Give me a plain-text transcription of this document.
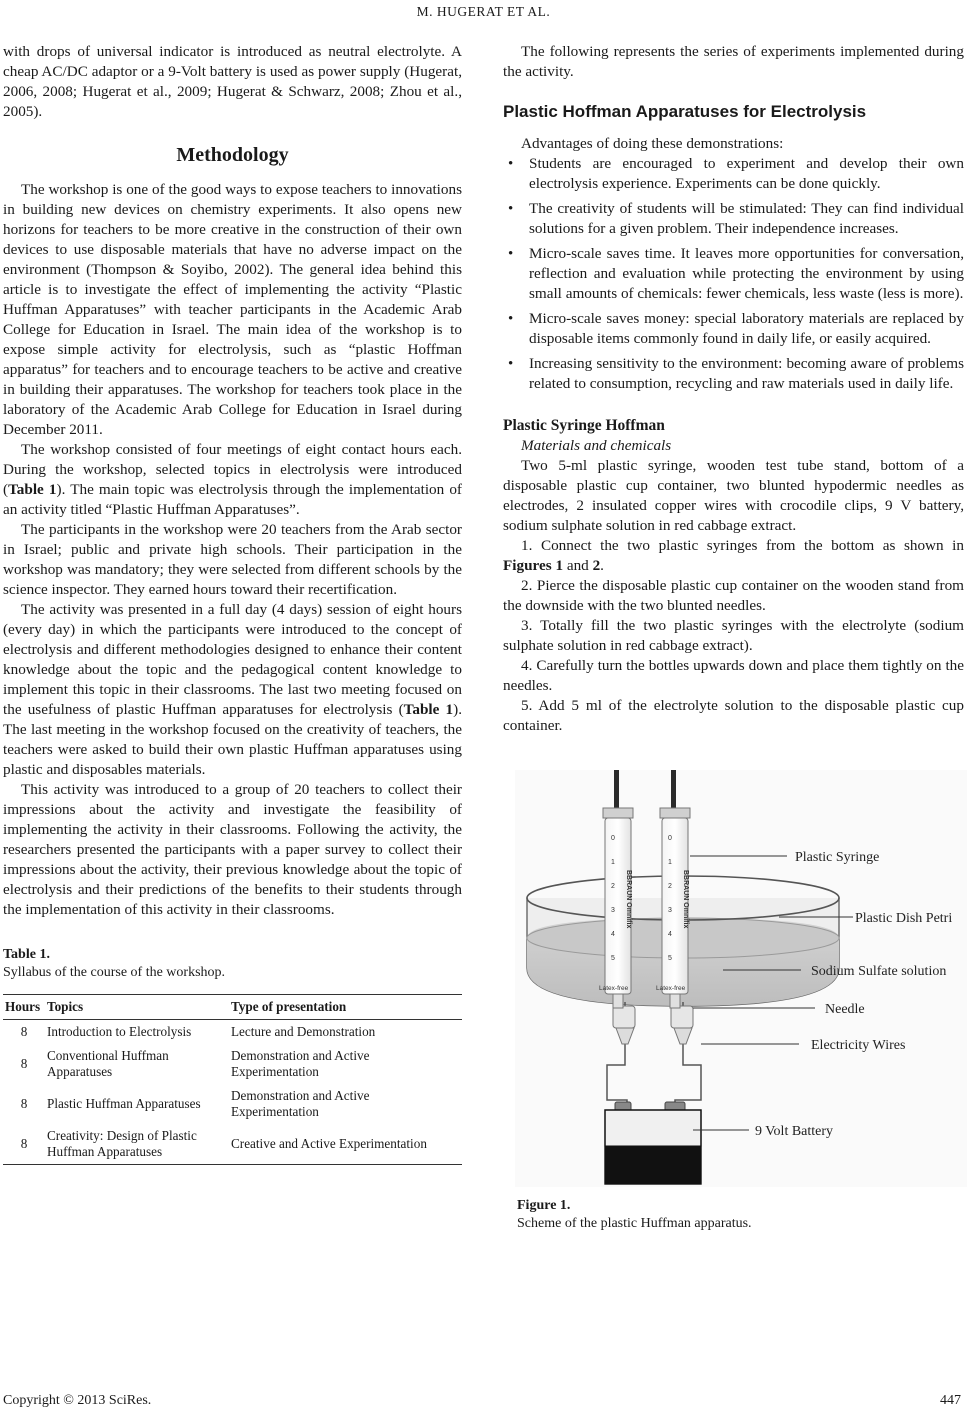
M. HUGERAT ET AL.

with drops of universal indicator is introduced as neutral electrolyte. A cheap AC/DC adaptor or a 9-Volt battery is used as power supply (Hugerat, 2006, 2008; Hugerat et al., 2009; Hugerat & Schwarz, 2008; Zhou et al., 2005).

Methodology

The workshop is one of the good ways to expose teachers to innovations in building new devices on chemistry experiments. It also opens new horizons for teachers to be more creative in the construction of their own devices to use disposable materials that have no adverse impact on the environment (Thompson & Soyibo, 2002). The general idea behind this article is to investigate the effect of implementing the activity “Plastic Huffman Apparatuses” with teacher participants in the Academic Arab College for Education in Israel. The main idea of the workshop is to expose simple activity for electrolysis, such as “plastic Hoffman apparatus” for teachers and to encourage teachers to be active and creative in building their apparatuses. The workshop for teachers took place in the laboratory of the Academic Arab College for Education in Israel during December 2011.

The workshop consisted of four meetings of eight contact hours each. During the workshop, selected topics in electrolysis were introduced (Table 1). The main topic was electrolysis through the implementation of an activity titled “Plastic Huffman Apparatuses”.

The participants in the workshop were 20 teachers from the Arab sector in Israel; public and private high schools. Their participation in the workshop was mandatory; they were selected from different schools by the science inspector. They earned hours toward their recertification.

The activity was presented in a full day (4 days) session of eight hours (every day) in which the participants were introduced to the concept of electrolysis and different methodologies designed to enhance their content knowledge about the topic and the pedagogical content knowledge to implement this topic in their classrooms. The last two meeting focused on the usefulness of plastic Huffman apparatuses for electrolysis (Table 1). The last meeting in the workshop focused on the creativity of teachers, the teachers were asked to build their own plastic Huffman apparatuses using plastic and disposables materials.

This activity was introduced to a group of 20 teachers to collect their impressions about the activity and investigate the feasibility of implementing the activity in their classrooms. Following the activity, the researchers presented the participants with a paper survey to collect their impressions about the activity, their previous knowledge about the topic of electrolysis and their predictions of the benefits to their students through the implementation of this activity in their classrooms.

Table 1.
Syllabus of the course of the workshop.
Hours	Topics	Type of presentation
8	Introduction to Electrolysis	Lecture and Demonstration
8	Conventional Huffman Apparatuses	Demonstration and Active Experimentation
8	Plastic Huffman Apparatuses	Demonstration and Active Experimentation
8	Creativity: Design of Plastic Huffman Apparatuses	Creative and Active Experimentation

The following represents the series of experiments implemented during the activity.

Plastic Hoffman Apparatuses for Electrolysis

Advantages of doing these demonstrations:

• Students are encouraged to experiment and develop their own electrolysis experience. Experiments can be done quickly.
• The creativity of students will be stimulated: They can find individual solutions for a given problem. Their independence increases.
• Micro-scale saves time. It leaves more opportunities for conversation, reflection and evaluation while protecting the environment by using small amounts of chemicals: fewer chemicals, less waste (less is more).
• Micro-scale saves money: special laboratory materials are replaced by disposable items commonly found in daily life, or easily acquired.
• Increasing sensitivity to the environment: becoming aware of problems related to consumption, recycling and raw materials used in daily life.
Plastic Syringe Hoffman

Materials and chemicals

Two 5-ml plastic syringe, wooden test tube stand, bottom of a disposable plastic cup container, two blunted hypodermic needles as electrodes, 2 insulated copper wires with crocodile clips, 9 V battery, sodium sulphate solution in red cabbage extract.

1. Connect the two plastic syringes from the bottom as shown in Figures 1 and 2.

2. Pierce the disposable plastic cup container on the wooden stand from the downside with the two blunted needles.

3. Totally fill the two plastic syringes with the electrolyte (sodium sulphate solution in red cabbage extract).

4. Carefully turn the bottles upwards down and place them tightly on the needles.

5. Add 5 ml of the electrolyte solution to the disposable plastic cup container.

0
1
2
3
4
5
BBRAUN Omnifix
Latex-free
0
1
2
3
4
5
BBRAUN Omnifix
Latex-free
Plastic Syringe
Plastic Dish Petri
Sodium Sulfate solution
Needle
Electricity Wires
9 Volt Battery
Figure 1.
Scheme of the plastic Huffman apparatus.
Copyright © 2013 SciRes.	447
